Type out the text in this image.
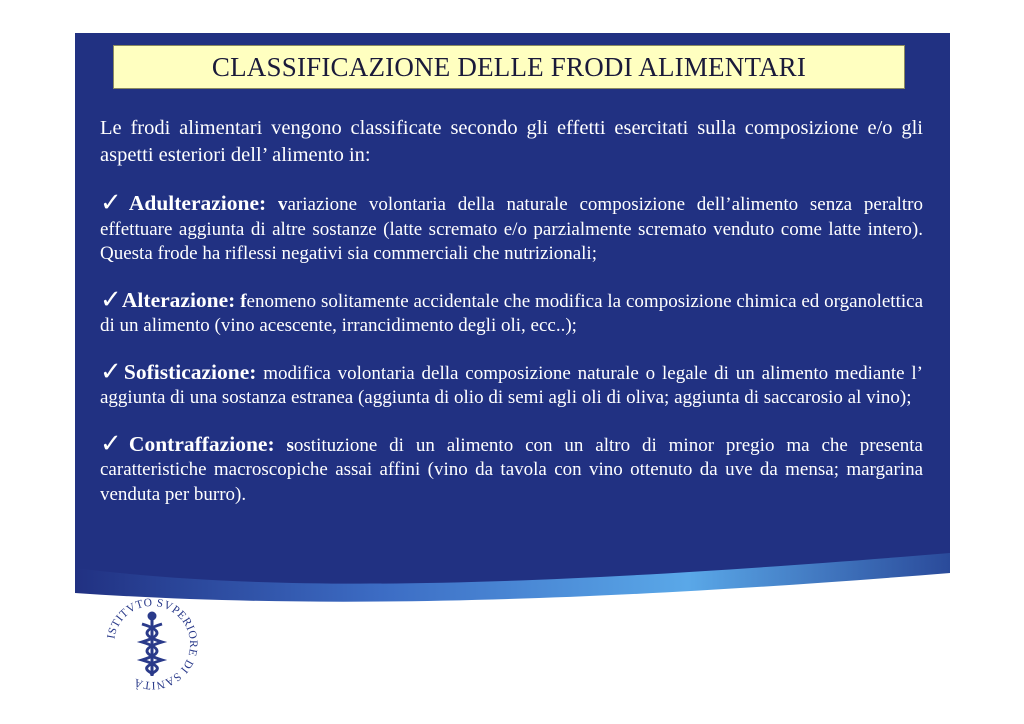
CLASSIFICAZIONE DELLE FRODI ALIMENTARI

Le frodi alimentari vengono classificate secondo gli effetti esercitati sulla composizione e/o gli aspetti esteriori dell’ alimento in:

✓Adulterazione: variazione volontaria della naturale composizione dell’alimento senza peraltro effettuare aggiunta di altre sostanze (latte scremato e/o parzialmente scremato venduto come latte intero). Questa frode ha riflessi negativi sia commerciali che nutrizionali;

✓Alterazione: fenomeno solitamente accidentale che modifica la composizione chimica ed organolettica di un alimento (vino acescente, irrancidimento degli oli, ecc..);

✓Sofisticazione: modifica volontaria della composizione naturale o legale di un alimento mediante l’ aggiunta di una sostanza estranea (aggiunta di olio di semi agli oli di oliva; aggiunta di saccarosio al vino);

✓Contraffazione: sostituzione di un alimento con un altro di minor pregio ma che presenta caratteristiche macroscopiche assai affini (vino da tavola con vino ottenuto da uve da mensa; margarina venduta per burro).

ISTITVTO SVPERIORE DI SANITÀ
